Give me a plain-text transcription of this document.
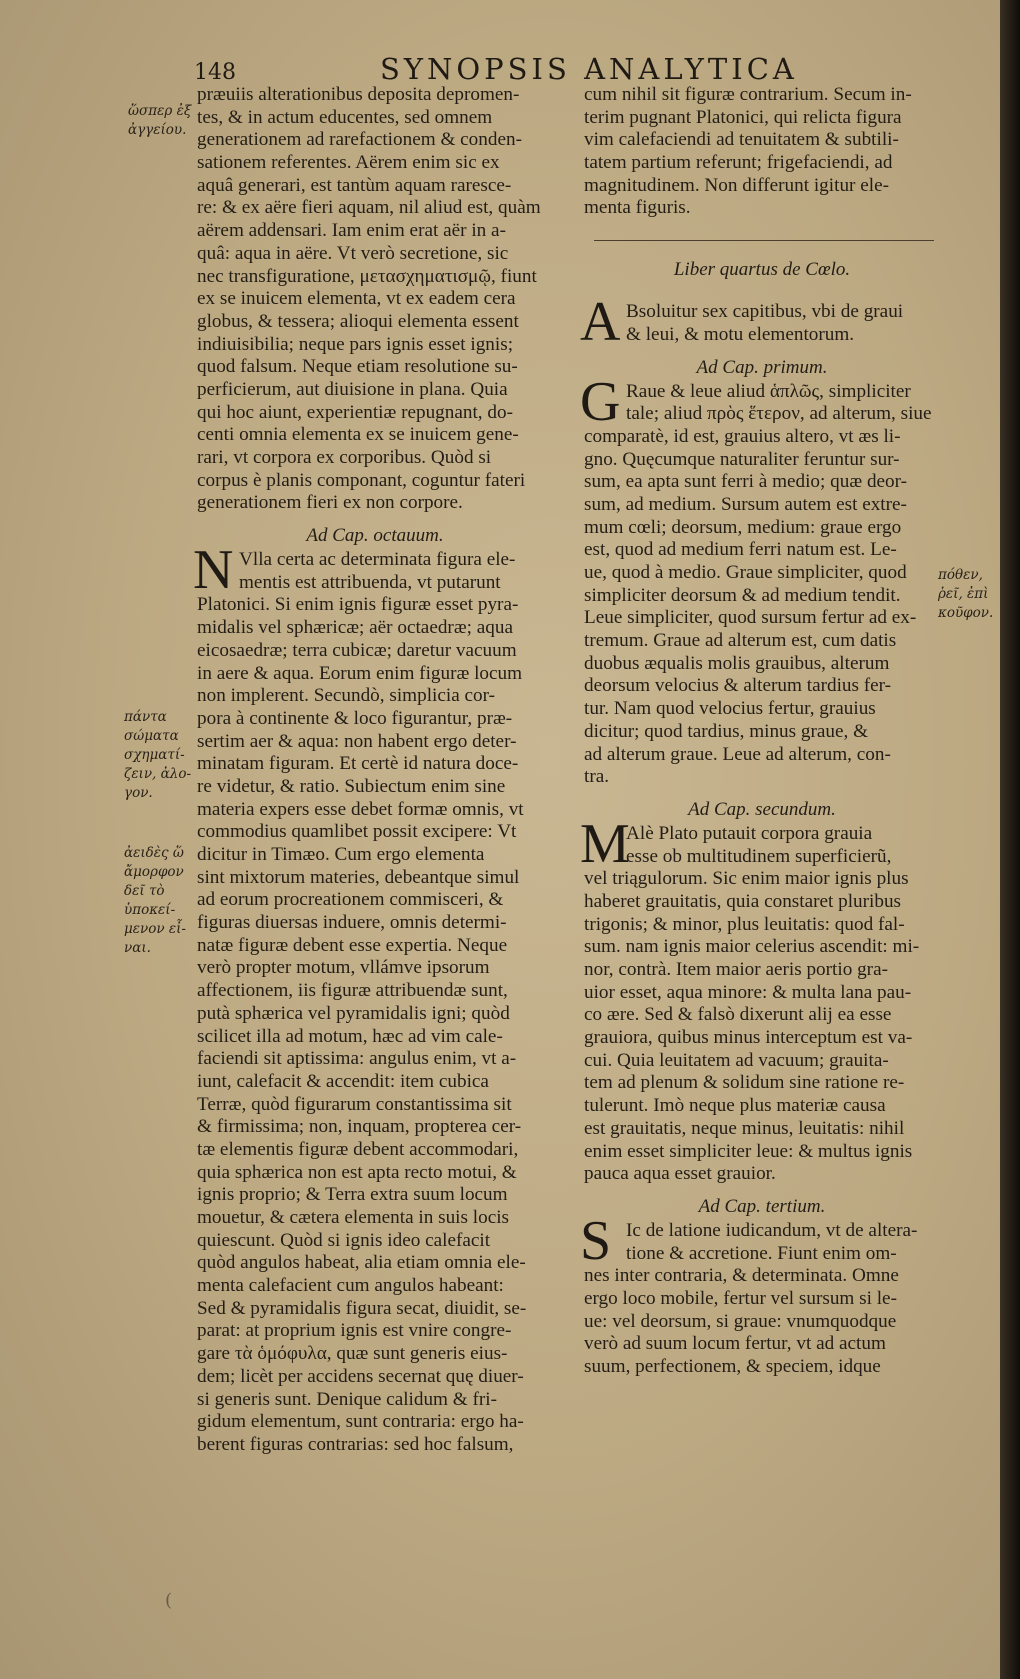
148	SYNOPSIS ANALYTICA
ὥσπερ ἐξ
ἀγγείου.
πάντα
σώματα
σχηματί-
ζειν, ἀλο-
γον.
ἀειδὲς ὥ
ἄμορφον
δεῖ τὸ
ὑποκεί-
μενον εἶ-
ναι.
πόθεν,
ῥεῖ, ἐπὶ
κοῦφον.
præuiis alterationibus deposita depromen-
tes, & in actum educentes, sed omnem
generationem ad rarefactionem & conden-
sationem referentes. Aërem enim sic ex
aquâ generari, est tantùm aquam raresce-
re: & ex aëre fieri aquam, nil aliud est, quàm
aërem addensari. Iam enim erat aër in a-
quâ: aqua in aëre. Vt verò secretione, sic
nec transfiguratione, μετασχηματισμῷ, fiunt
ex se inuicem elementa, vt ex eadem cera
globus, & tessera; alioqui elementa essent
indiuisibilia; neque pars ignis esset ignis;
quod falsum. Neque etiam resolutione su-
perficierum, aut diuisione in plana. Quia
qui hoc aiunt, experientiæ repugnant, do-
centi omnia elementa ex se inuicem gene-
rari, vt corpora ex corporibus. Quòd si
corpus è planis componant, coguntur fateri
generationem fieri ex non corpore.
Ad Cap. octauum.
N Vlla certa ac determinata figura ele-
mentis est attribuenda, vt putarunt
Platonici. Si enim ignis figuræ esset pyra-
midalis vel sphæricæ; aër octaedræ; aqua
eicosaedræ; terra cubicæ; daretur vacuum
in aere & aqua. Eorum enim figuræ locum
non implerent. Secundò, simplicia cor-
pora à continente & loco figurantur, præ-
sertim aer & aqua: non habent ergo deter-
minatam figuram. Et certè id natura doce-
re videtur, & ratio. Subiectum enim sine
materia expers esse debet formæ omnis, vt
commodius quamlibet possit excipere: Vt
dicitur in Timæo. Cum ergo elementa
sint mixtorum materies, debeantque simul
ad eorum procreationem commisceri, &
figuras diuersas induere, omnis determi-
natæ figuræ debent esse expertia. Neque
verò propter motum, vllámve ipsorum
affectionem, iis figuræ attribuendæ sunt,
putà sphærica vel pyramidalis igni; quòd
scilicet illa ad motum, hæc ad vim cale-
faciendi sit aptissima: angulus enim, vt a-
iunt, calefacit & accendit: item cubica
Terræ, quòd figurarum constantissima sit
& firmissima; non, inquam, propterea cer-
tæ elementis figuræ debent accommodari,
quia sphærica non est apta recto motui, &
ignis proprio; & Terra extra suum locum
mouetur, & cætera elementa in suis locis
quiescunt. Quòd si ignis ideo calefacit
quòd angulos habeat, alia etiam omnia ele-
menta calefacient cum angulos habeant:
Sed & pyramidalis figura secat, diuidit, se-
parat: at proprium ignis est vnire congre-
gare τὰ ὁμόφυλα, quæ sunt generis eius-
dem; licèt per accidens secernat quę diuer-
si generis sunt. Denique calidum & fri-
gidum elementum, sunt contraria: ergo ha-
berent figuras contrarias: sed hoc falsum,
cum nihil sit figuræ contrarium. Secum in-
terim pugnant Platonici, qui relicta figura
vim calefaciendi ad tenuitatem & subtili-
tatem partium referunt; frigefaciendi, ad
magnitudinem. Non differunt igitur ele-
menta figuris.
Liber quartus de Cœlo.
A Bsoluitur sex capitibus, vbi de graui
& leui, & motu elementorum.
Ad Cap. primum.
G Raue & leue aliud ἁπλῶς, simpliciter
tale; aliud πρὸς ἕτερον, ad alterum, siue
comparatè, id est, grauius altero, vt æs li-
gno. Quęcumque naturaliter feruntur sur-
sum, ea apta sunt ferri à medio; quæ deor-
sum, ad medium. Sursum autem est extre-
mum cœli; deorsum, medium: graue ergo
est, quod ad medium ferri natum est. Le-
ue, quod à medio. Graue simpliciter, quod
simpliciter deorsum & ad medium tendit.
Leue simpliciter, quod sursum fertur ad ex-
tremum. Graue ad alterum est, cum datis
duobus æqualis molis grauibus, alterum
deorsum velocius & alterum tardius fer-
tur. Nam quod velocius fertur, grauius
dicitur; quod tardius, minus graue, &
ad alterum graue. Leue ad alterum, con-
tra.
Ad Cap. secundum.
M
Alè Plato putauit corpora grauia
esse ob multitudinem superficierũ,
vel triągulorum. Sic enim maior ignis plus
haberet grauitatis, quia constaret pluribus
trigonis; & minor, plus leuitatis: quod fal-
sum. nam ignis maior celerius ascendit: mi-
nor, contrà. Item maior aeris portio gra-
uior esset, aqua minore: & multa lana pau-
co ære. Sed & falsò dixerunt alij ea esse
grauiora, quibus minus interceptum est va-
cui. Quia leuitatem ad vacuum; grauita-
tem ad plenum & solidum sine ratione re-
tulerunt. Imò neque plus materiæ causa
est grauitatis, neque minus, leuitatis: nihil
enim esset simpliciter leue: & multus ignis
pauca aqua esset grauior.
Ad Cap. tertium.
S Ic de latione iudicandum, vt de altera-
tione & accretione. Fiunt enim om-
nes inter contraria, & determinata. Omne
ergo loco mobile, fertur vel sursum si le-
ue: vel deorsum, si graue: vnumquodque
verò ad suum locum fertur, vt ad actum
suum, perfectionem, & speciem, idque
(
